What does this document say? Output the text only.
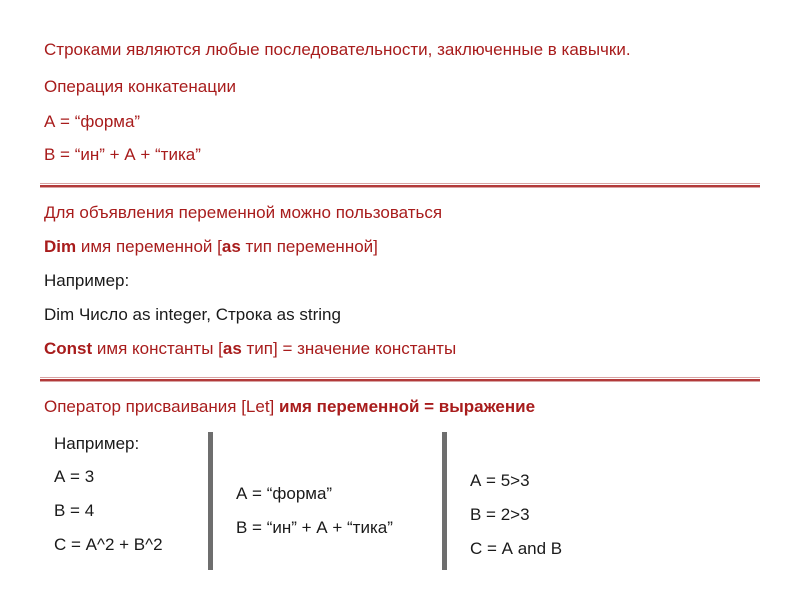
Строками являются любые последовательности, заключенные в кавычки.
Операция конкатенации
А = “форма”
В = “ин” + А + “тика”
Для объявления переменной можно пользоваться
Dim имя переменной [as тип переменной]
Например:
Dim Число as integer, Строка as string
Const имя константы [as тип] = значение константы
Оператор присваивания [Let] имя переменной = выражение
Например:
А = 3
В = 4
С = А^2 + В^2
А = “форма”
В = “ин” + А + “тика”
А = 5>3
В = 2>3
С = А and В
